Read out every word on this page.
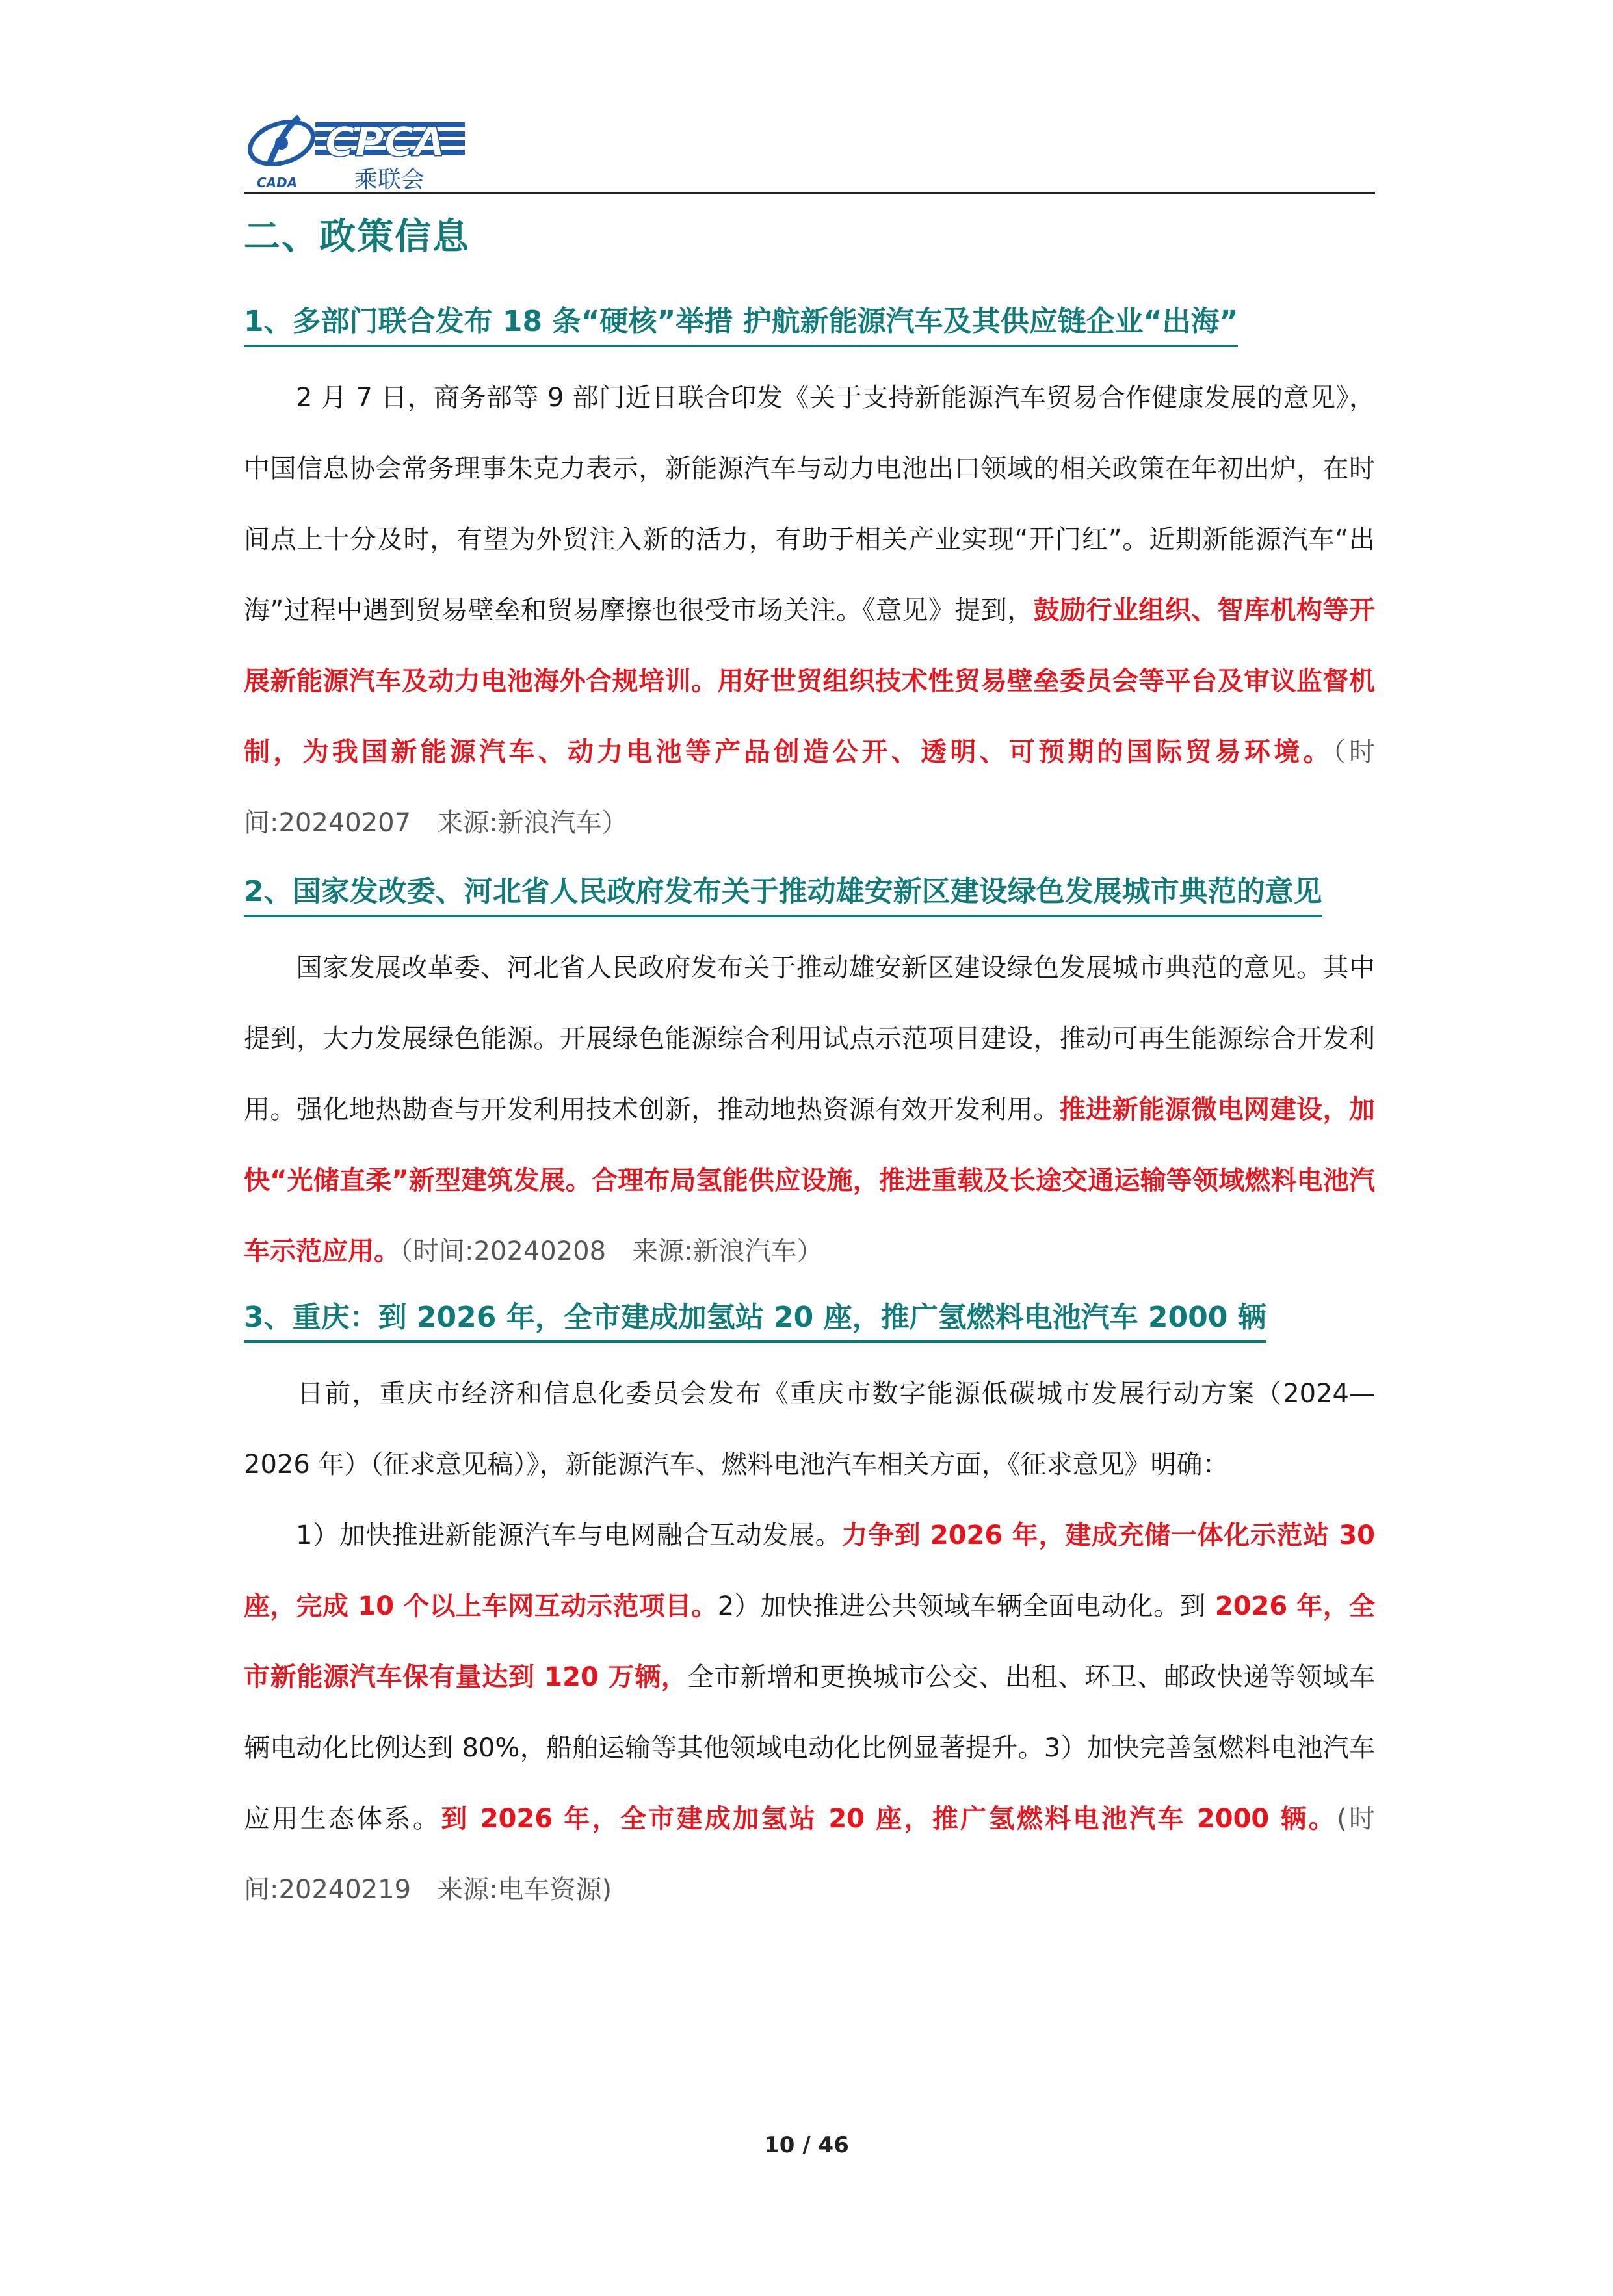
CADA
CPCA
乘联会
二、政策信息
1、多部门联合发布 18 条“硬核”举措 护航新能源汽车及其供应链企业“出海”

2 月 7 日，商务部等 9 部门近日联合印发《关于支持新能源汽车贸易合作健康发展的意见》，中国信息协会常务理事朱克力表示，新能源汽车与动力电池出口领域的相关政策在年初出炉，在时间点上十分及时，有望为外贸注入新的活力，有助于相关产业实现“开门红”。近期新能源汽车“出海”过程中遇到贸易壁垒和贸易摩擦也很受市场关注。《意见》提到，鼓励行业组织、智库机构等开展新能源汽车及动力电池海外合规培训。用好世贸组织技术性贸易壁垒委员会等平台及审议监督机制，为我国新能源汽车、动力电池等产品创造公开、透明、可预期的国际贸易环境。（时间:20240207　来源:新浪汽车）

2、国家发改委、河北省人民政府发布关于推动雄安新区建设绿色发展城市典范的意见

国家发展改革委、河北省人民政府发布关于推动雄安新区建设绿色发展城市典范的意见。其中提到，大力发展绿色能源。开展绿色能源综合利用试点示范项目建设，推动可再生能源综合开发利用。强化地热勘查与开发利用技术创新，推动地热资源有效开发利用。推进新能源微电网建设，加快“光储直柔”新型建筑发展。合理布局氢能供应设施，推进重载及长途交通运输等领域燃料电池汽车示范应用。（时间:20240208　来源:新浪汽车）

3、重庆：到 2026 年，全市建成加氢站 20 座，推广氢燃料电池汽车 2000 辆

日前，重庆市经济和信息化委员会发布《重庆市数字能源低碳城市发展行动方案（2024—2026 年）（征求意见稿）》，新能源汽车、燃料电池汽车相关方面，《征求意见》明确：

1）加快推进新能源汽车与电网融合互动发展。力争到 2026 年，建成充储一体化示范站 30 座，完成 10 个以上车网互动示范项目。2）加快推进公共领域车辆全面电动化。到 2026 年，全市新能源汽车保有量达到 120 万辆，全市新增和更换城市公交、出租、环卫、邮政快递等领域车辆电动化比例达到 80%，船舶运输等其他领域电动化比例显著提升。3）加快完善氢燃料电池汽车应用生态体系。到 2026 年，全市建成加氢站 20 座，推广氢燃料电池汽车 2000 辆。(时间:20240219　来源:电车资源)

10 / 46
